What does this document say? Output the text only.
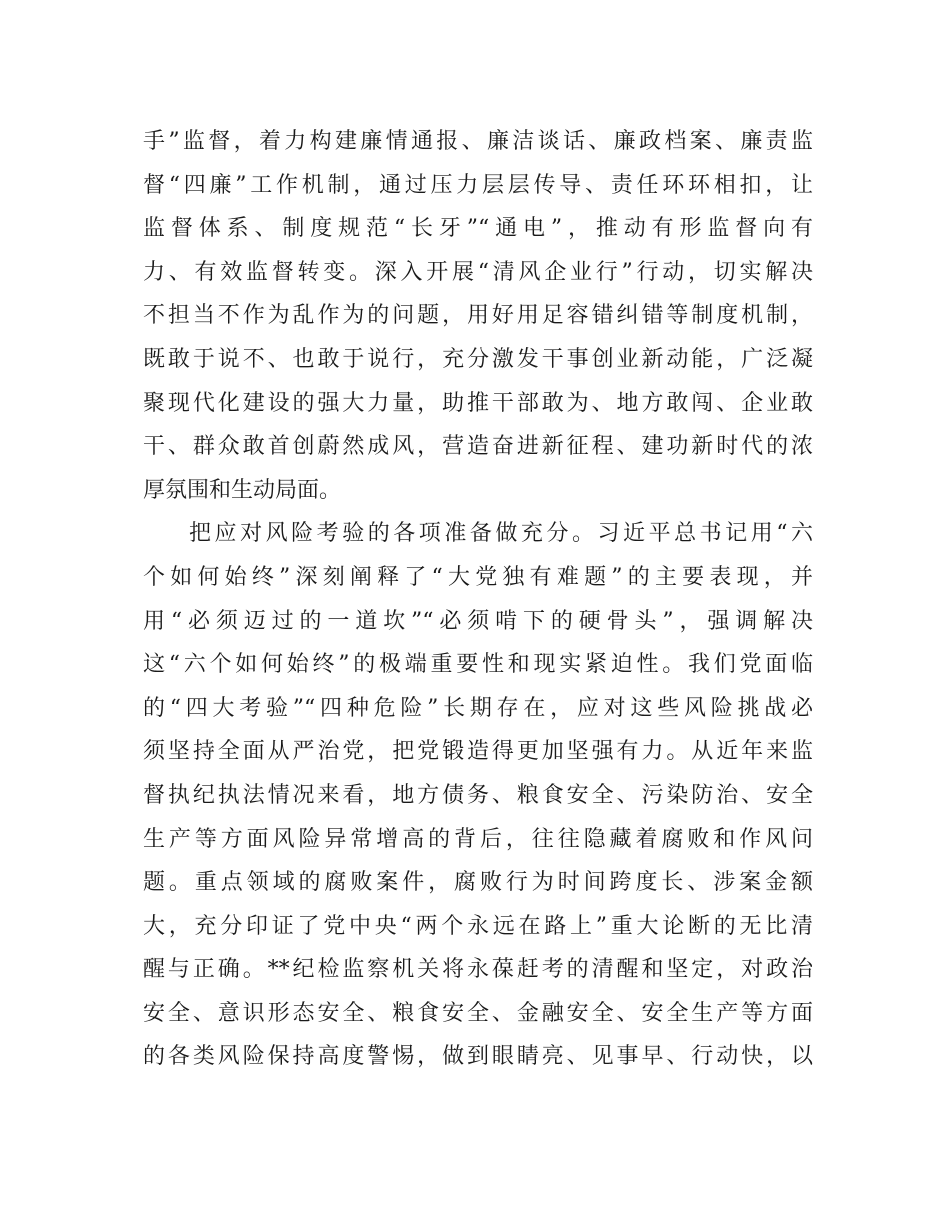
手”监督，着力构建廉情通报、廉洁谈话、廉政档案、廉责监
督“四廉”工作机制，通过压力层层传导、责任环环相扣，让
监督体系、制度规范“长牙”“通电”，推动有形监督向有
力、有效监督转变。深入开展“清风企业行”行动，切实解决
不担当不作为乱作为的问题，用好用足容错纠错等制度机制，
既敢于说不、也敢于说行，充分激发干事创业新动能，广泛凝
聚现代化建设的强大力量，助推干部敢为、地方敢闯、企业敢
干、群众敢首创蔚然成风，营造奋进新征程、建功新时代的浓
厚氛围和生动局面。
把应对风险考验的各项准备做充分。习近平总书记用“六
个如何始终”深刻阐释了“大党独有难题”的主要表现，并
用“必须迈过的一道坎”“必须啃下的硬骨头”，强调解决
这“六个如何始终”的极端重要性和现实紧迫性。我们党面临
的“四大考验”“四种危险”长期存在，应对这些风险挑战必
须坚持全面从严治党，把党锻造得更加坚强有力。从近年来监
督执纪执法情况来看，地方债务、粮食安全、污染防治、安全
生产等方面风险异常增高的背后，往往隐藏着腐败和作风问
题。重点领域的腐败案件，腐败行为时间跨度长、涉案金额
大，充分印证了党中央“两个永远在路上”重大论断的无比清
醒与正确。**纪检监察机关将永葆赶考的清醒和坚定，对政治
安全、意识形态安全、粮食安全、金融安全、安全生产等方面
的各类风险保持高度警惕，做到眼睛亮、见事早、行动快，以
